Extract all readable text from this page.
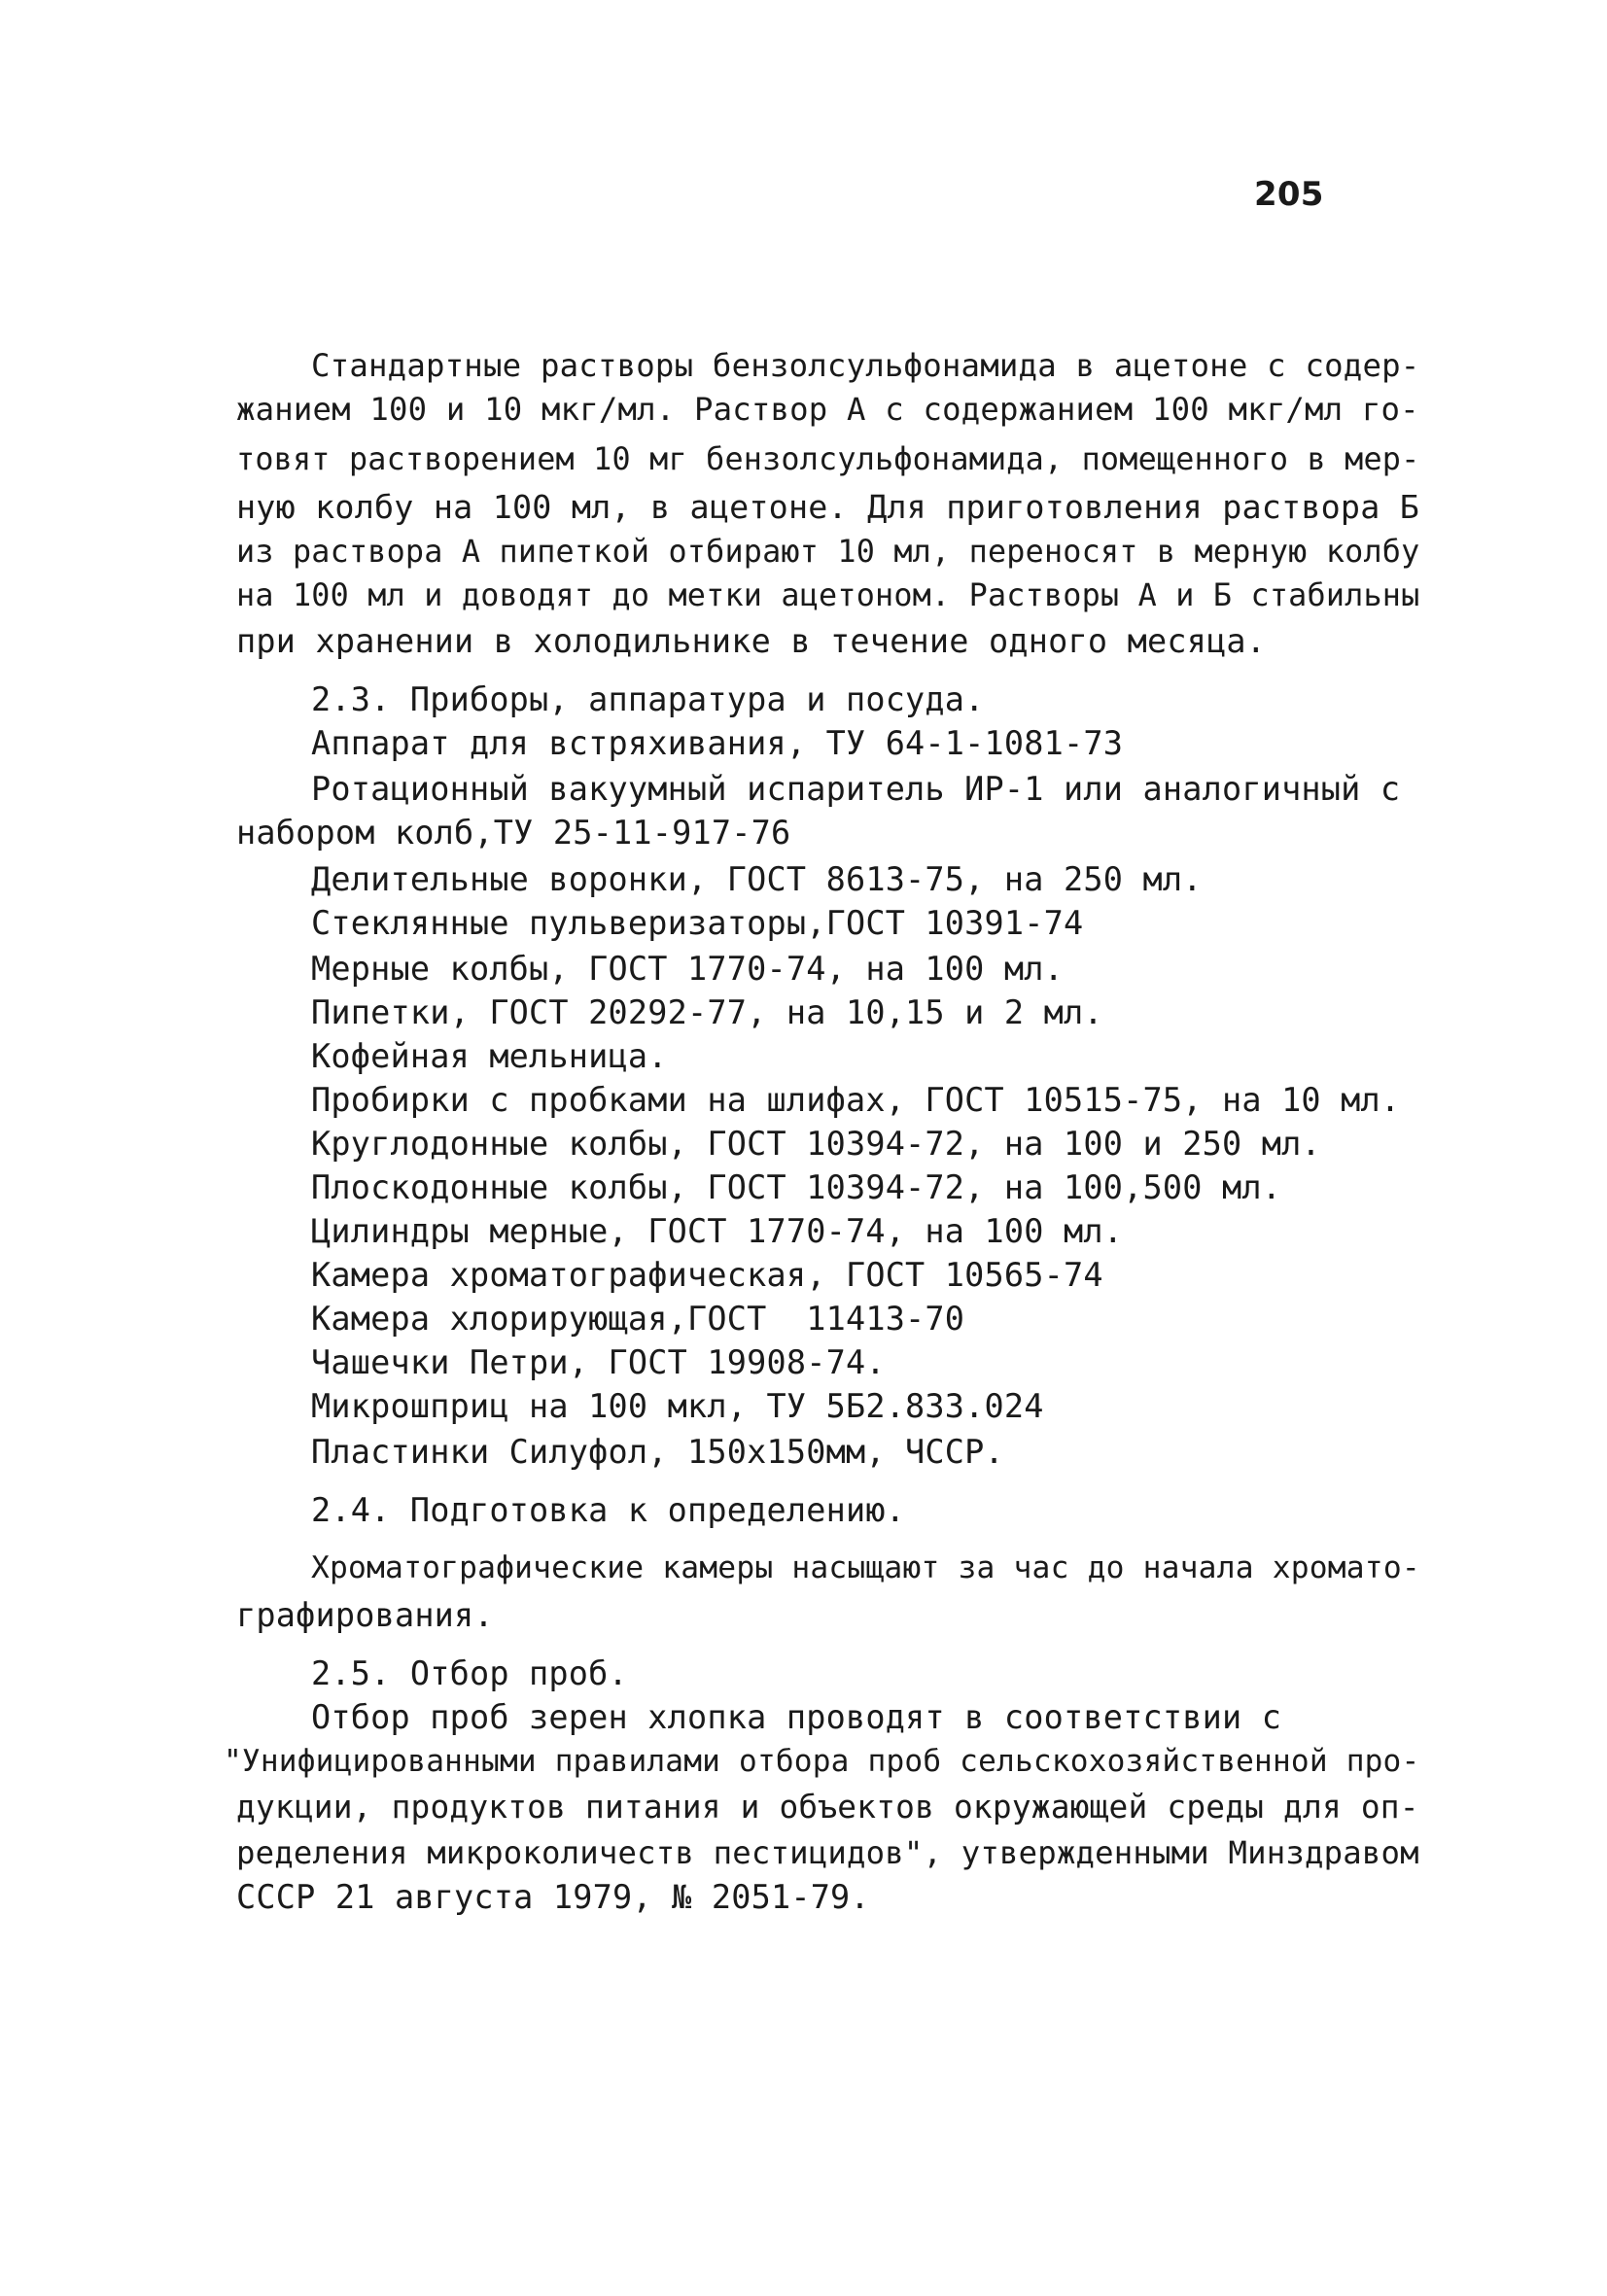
205
Стандартные растворы бензолсульфонамида в ацетоне с содер-
жанием 100 и 10 мкг/мл. Раствор А с содержанием 100 мкг/мл го-
товят растворением 10 мг бензолсульфонамида, помещенного в мер-
ную колбу на 100 мл, в ацетоне. Для приготовления раствора Б
из раствора А пипеткой отбирают 10 мл, переносят в мерную колбу
на 100 мл и доводят до метки ацетоном. Растворы А и Б стабильны
при хранении в холодильнике в течение одного месяца.
2.3. Приборы, аппаратура и посуда.
Аппарат для встряхивания, ТУ 64-1-1081-73
Ротационный вакуумный испаритель ИР-1 или аналогичный с
набором колб,ТУ 25-11-917-76
Делительные воронки, ГОСТ 8613-75, на 250 мл.
Стеклянные пульверизаторы,ГОСТ 10391-74
Мерные колбы, ГОСТ 1770-74, на 100 мл.
Пипетки, ГОСТ 20292-77, на 10,15 и 2 мл.
Кофейная мельница.
Пробирки с пробками на шлифах, ГОСТ 10515-75, на 10 мл.
Круглодонные колбы, ГОСТ 10394-72, на 100 и 250 мл.
Плоскодонные колбы, ГОСТ 10394-72, на 100,500 мл.
Цилиндры мерные, ГОСТ 1770-74, на 100 мл.
Камера хроматографическая, ГОСТ 10565-74
Камера хлорирующая,ГОСТ  11413-70
Чашечки Петри, ГОСТ 19908-74.
Микрошприц на 100 мкл, ТУ 5Б2.833.024
Пластинки Силуфол, 150х150мм, ЧССР.
2.4. Подготовка к определению.
Хроматографические камеры насыщают за час до начала хромато-
графирования.
2.5. Отбор проб.
Отбор проб зерен хлопка проводят в соответствии с
"Унифицированными правилами отбора проб сельскохозяйственной про-
дукции, продуктов питания и объектов окружающей среды для оп-
ределения микроколичеств пестицидов", утвержденными Минздравом
СССР 21 августа 1979, № 2051-79.
